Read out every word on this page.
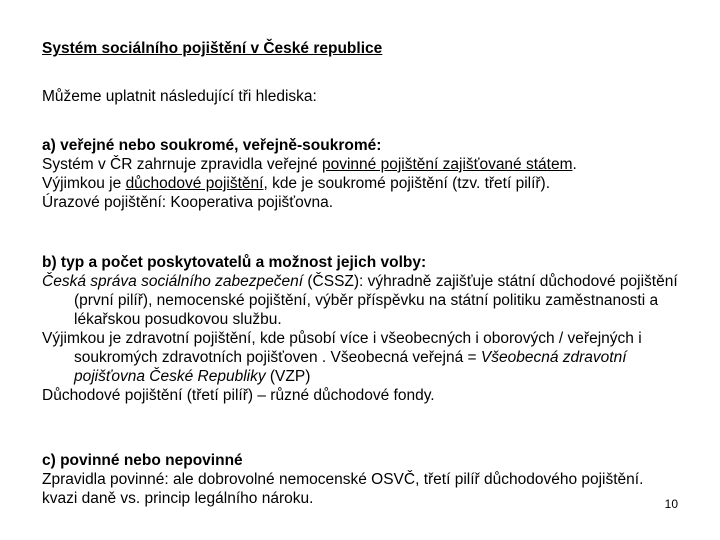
Systém sociálního pojištění v České republice
Můžeme uplatnit následující tři hlediska:

a) veřejné nebo soukromé, veřejně-soukromé:

Systém v ČR zahrnuje zpravidla veřejné povinné pojištění zajišťované státem.

Výjimkou je důchodové pojištění, kde je soukromé pojištění (tzv. třetí pilíř).

Úrazové pojištění: Kooperativa pojišťovna.

b) typ a počet poskytovatelů a možnost jejich volby:

Česká správa sociálního zabezpečení (ČSSZ): výhradně zajišťuje státní důchodové pojištění (první pilíř), nemocenské pojištění, výběr příspěvku na státní politiku zaměstnanosti a lékařskou posudkovou službu.

Výjimkou je zdravotní pojištění, kde působí více i všeobecných i oborových / veřejných i soukromých zdravotních pojišťoven . Všeobecná veřejná = Všeobecná zdravotní pojišťovna České Republiky (VZP)

Důchodové pojištění (třetí pilíř) – různé důchodové fondy.

c) povinné nebo nepovinné

Zpravidla povinné: ale dobrovolné nemocenské OSVČ, třetí pilíř důchodového pojištění.

kvazi daně vs. princip legálního nároku.	10
